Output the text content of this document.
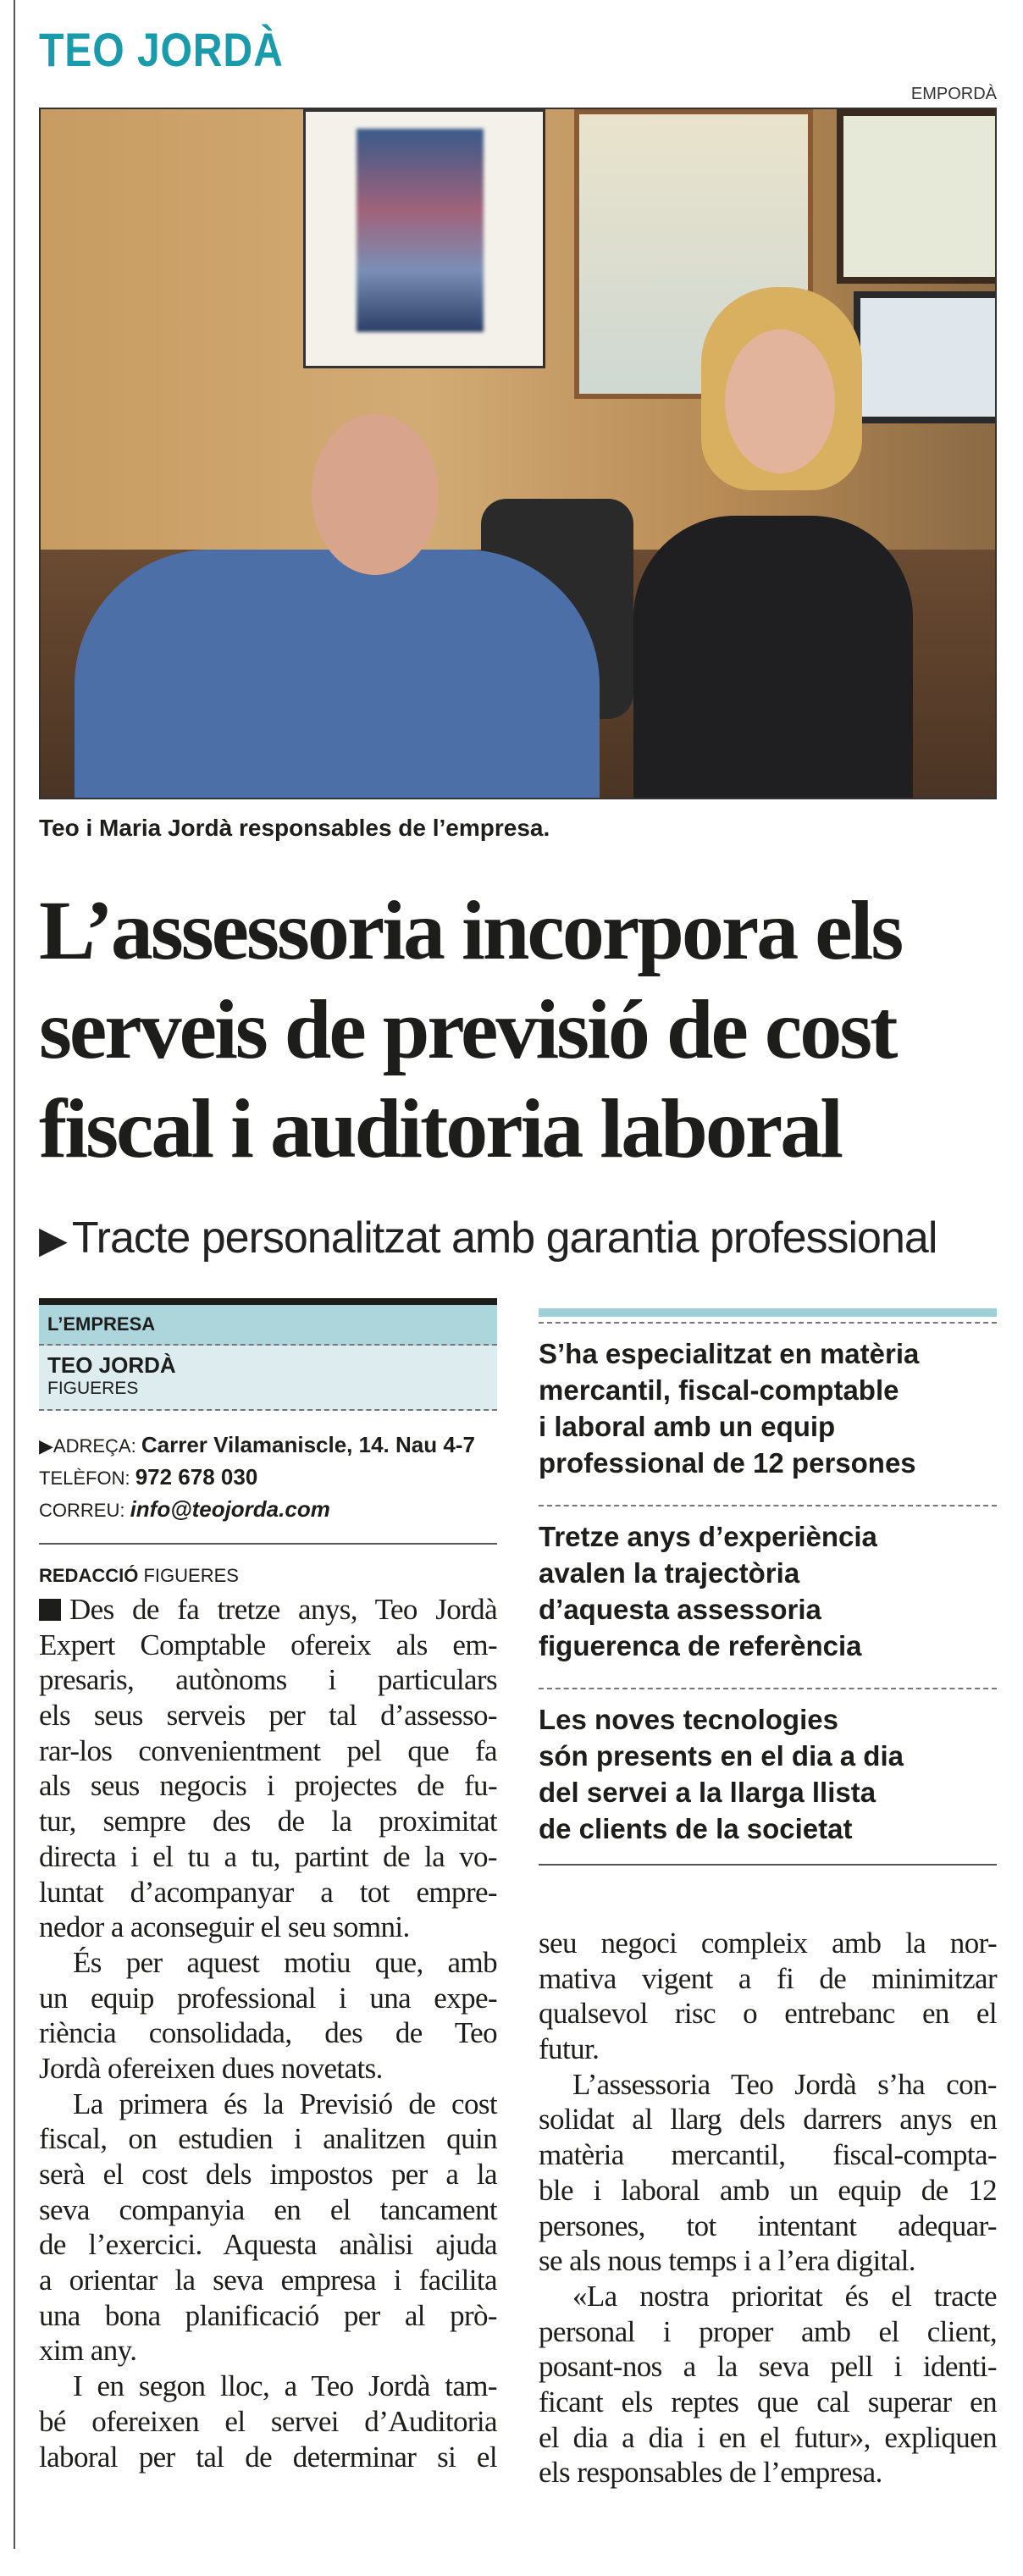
TEO JORDÀ
EMPORDÀ
Teo i Maria Jordà responsables de l’empresa.
L’assessoria incorpora els
serveis de previsió de cost
fiscal i auditoria laboral
▶ Tracte personalitzat amb garantia professional
L’EMPRESA
TEO JORDÀ
FIGUERES
▶ADREÇA: Carrer Vilamaniscle, 14. Nau 4-7
TELÈFON: 972 678 030
CORREU: info@teojorda.com
REDACCIÓ FIGUERES
Des de fa tretze anys, Teo Jordà
Expert Comptable ofereix als em-
presaris, autònoms i particulars
els seus serveis per tal d’assesso-
rar-los convenientment pel que fa
als seus negocis i projectes de fu-
tur, sempre des de la proximitat
directa i el tu a tu, partint de la vo-
luntat d’acompanyar a tot empre-
nedor a aconseguir el seu somni.
És per aquest motiu que, amb
un equip professional i una expe-
riència consolidada, des de Teo
Jordà ofereixen dues novetats.
La primera és la Previsió de cost
fiscal, on estudien i analitzen quin
serà el cost dels impostos per a la
seva companyia en el tancament
de l’exercici. Aquesta anàlisi ajuda
a orientar la seva empresa i facilita
una bona planificació per al prò-
xim any.
I en segon lloc, a Teo Jordà tam-
bé ofereixen el servei d’Auditoria
laboral per tal de determinar si el
S’ha especialitzat en matèria
mercantil, fiscal-comptable
i laboral amb un equip
professional de 12 persones
Tretze anys d’experiència
avalen la trajectòria
d’aquesta assessoria
figuerenca de referència
Les noves tecnologies
són presents en el dia a dia
del servei a la llarga llista
de clients de la societat
seu negoci compleix amb la nor-
mativa vigent a fi de minimitzar
qualsevol risc o entrebanc en el
futur.
L’assessoria Teo Jordà s’ha con-
solidat al llarg dels darrers anys en
matèria mercantil, fiscal-compta-
ble i laboral amb un equip de 12
persones, tot intentant adequar-
se als nous temps i a l’era digital.
«La nostra prioritat és el tracte
personal i proper amb el client,
posant-nos a la seva pell i identi-
ficant els reptes que cal superar en
el dia a dia i en el futur», expliquen
els responsables de l’empresa.
